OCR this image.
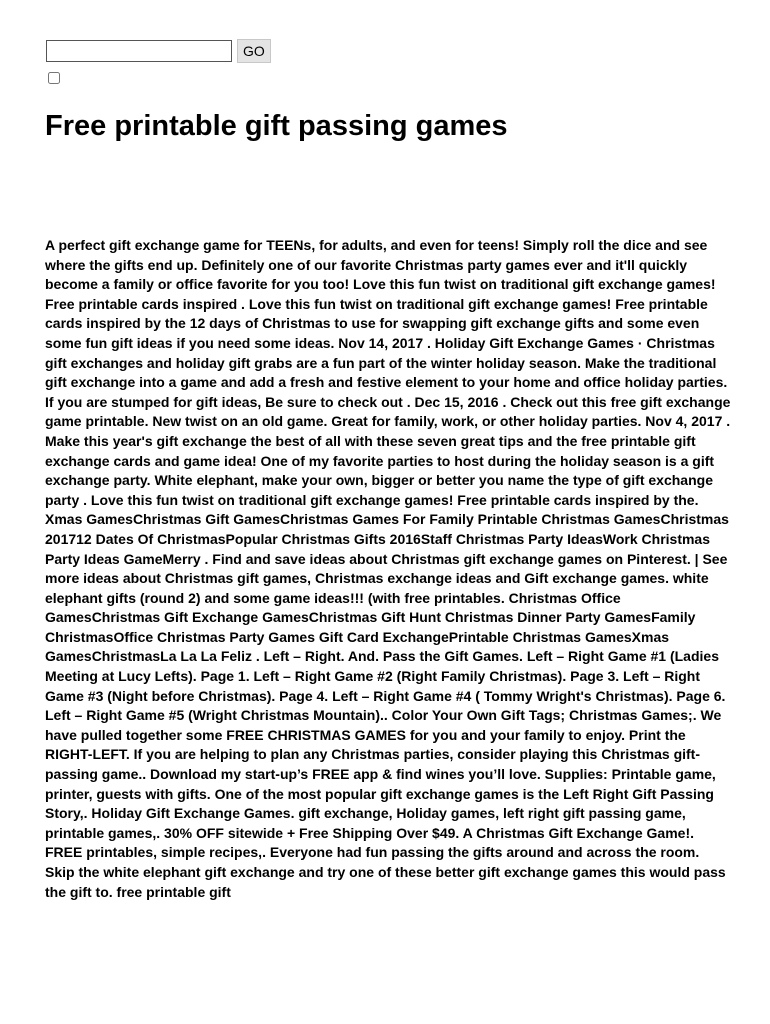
GO
Free printable gift passing games

A perfect gift exchange game for TEENs, for adults, and even for teens! Simply roll the dice and see where the gifts end up. Definitely one of our favorite Christmas party games ever and it'll quickly become a family or office favorite for you too! Love this fun twist on traditional gift exchange games! Free printable cards inspired . Love this fun twist on traditional gift exchange games! Free printable cards inspired by the 12 days of Christmas to use for swapping gift exchange gifts and some even some fun gift ideas if you need some ideas. Nov 14, 2017 . Holiday Gift Exchange Games · Christmas gift exchanges and holiday gift grabs are a fun part of the winter holiday season. Make the traditional gift exchange into a game and add a fresh and festive element to your home and office holiday parties. If you are stumped for gift ideas, Be sure to check out . Dec 15, 2016 . Check out this free gift exchange game printable. New twist on an old game. Great for family, work, or other holiday parties. Nov 4, 2017 . Make this year's gift exchange the best of all with these seven great tips and the free printable gift exchange cards and game idea! One of my favorite parties to host during the holiday season is a gift exchange party. White elephant, make your own, bigger or better you name the type of gift exchange party . Love this fun twist on traditional gift exchange games! Free printable cards inspired by the. Xmas GamesChristmas Gift GamesChristmas Games For Family Printable Christmas GamesChristmas 201712 Dates Of ChristmasPopular Christmas Gifts 2016Staff Christmas Party IdeasWork Christmas Party Ideas GameMerry . Find and save ideas about Christmas gift exchange games on Pinterest. | See more ideas about Christmas gift games, Christmas exchange ideas and Gift exchange games. white elephant gifts (round 2) and some game ideas!!! (with free printables. Christmas Office GamesChristmas Gift Exchange GamesChristmas Gift Hunt Christmas Dinner Party GamesFamily ChristmasOffice Christmas Party Games Gift Card ExchangePrintable Christmas GamesXmas GamesChristmasLa La La Feliz . Left – Right. And. Pass the Gift Games. Left – Right Game #1 (Ladies Meeting at Lucy Lefts). Page 1. Left – Right Game #2 (Right Family Christmas). Page 3. Left – Right Game #3 (Night before Christmas). Page 4. Left – Right Game #4 ( Tommy Wright's Christmas). Page 6. Left – Right Game #5 (Wright Christmas Mountain).. Color Your Own Gift Tags; Christmas Games;. We have pulled together some FREE CHRISTMAS GAMES for you and your family to enjoy. Print the RIGHT-LEFT. If you are helping to plan any Christmas parties, consider playing this Christmas gift-passing game.. Download my start-up’s FREE app & find wines you’ll love. Supplies: Printable game, printer, guests with gifts. One of the most popular gift exchange games is the Left Right Gift Passing Story,. Holiday Gift Exchange Games. gift exchange, Holiday games, left right gift passing game, printable games,. 30% OFF sitewide + Free Shipping Over $49. A Christmas Gift Exchange Game!. FREE printables, simple recipes,. Everyone had fun passing the gifts around and across the room. Skip the white elephant gift exchange and try one of these better gift exchange games this would pass the gift to. free printable gift
